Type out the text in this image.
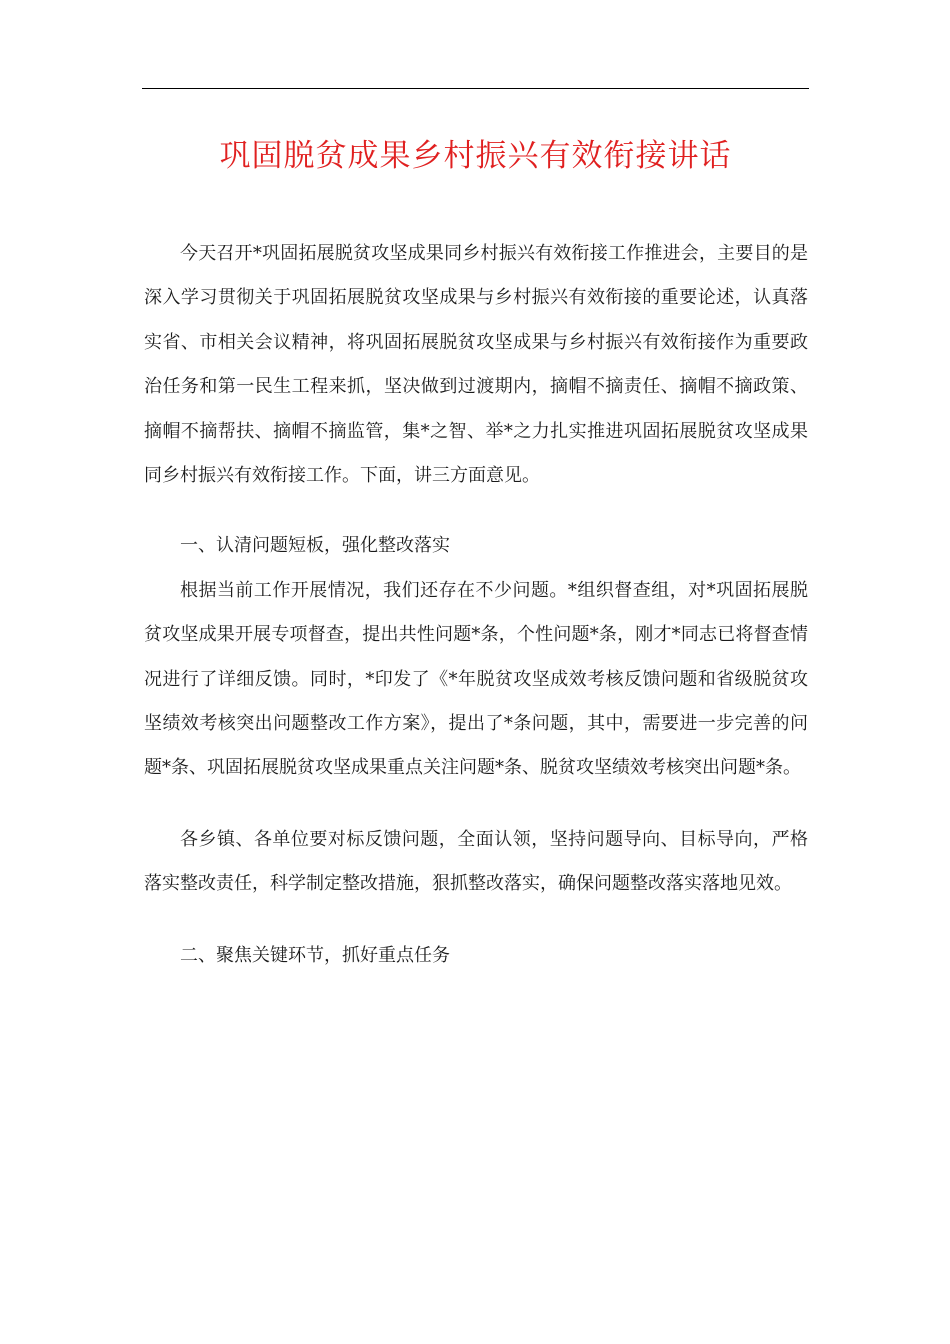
巩固脱贫成果乡村振兴有效衔接讲话

今天召开*巩固拓展脱贫攻坚成果同乡村振兴有效衔接工作推进会，主要目的是深入学习贯彻关于巩固拓展脱贫攻坚成果与乡村振兴有效衔接的重要论述，认真落实省、市相关会议精神，将巩固拓展脱贫攻坚成果与乡村振兴有效衔接作为重要政治任务和第一民生工程来抓，坚决做到过渡期内，摘帽不摘责任、摘帽不摘政策、摘帽不摘帮扶、摘帽不摘监管，集*之智、举*之力扎实推进巩固拓展脱贫攻坚成果同乡村振兴有效衔接工作。下面，讲三方面意见。

一、认清问题短板，强化整改落实

根据当前工作开展情况，我们还存在不少问题。*组织督查组，对*巩固拓展脱贫攻坚成果开展专项督查，提出共性问题*条，个性问题*条，刚才*同志已将督查情况进行了详细反馈。同时，*印发了《*年脱贫攻坚成效考核反馈问题和省级脱贫攻坚绩效考核突出问题整改工作方案》，提出了*条问题，其中，需要进一步完善的问题*条、巩固拓展脱贫攻坚成果重点关注问题*条、脱贫攻坚绩效考核突出问题*条。

各乡镇、各单位要对标反馈问题，全面认领，坚持问题导向、目标导向，严格落实整改责任，科学制定整改措施，狠抓整改落实，确保问题整改落实落地见效。

二、聚焦关键环节，抓好重点任务
